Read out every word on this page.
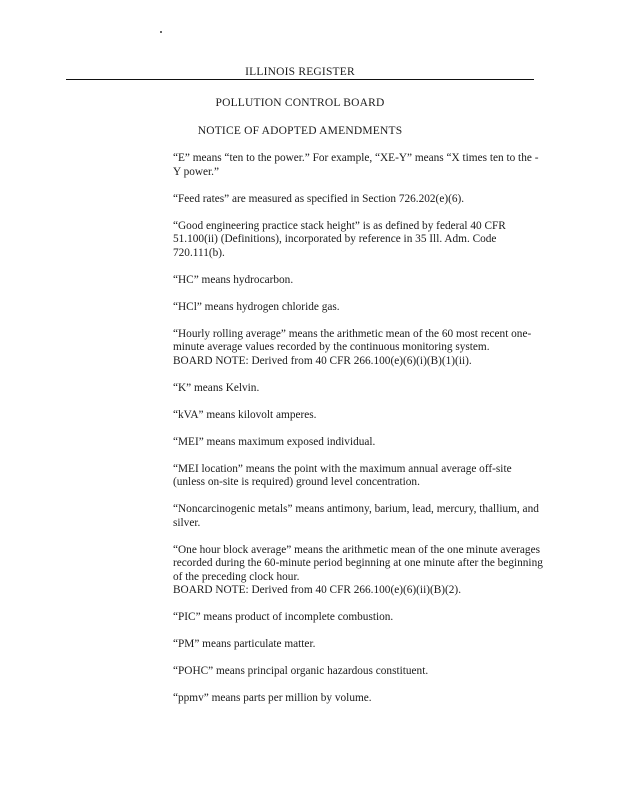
ILLINOIS REGISTER
POLLUTION CONTROL BOARD
NOTICE OF ADOPTED AMENDMENTS

“E” means “ten to the power.” For example, “XE-Y” means “X times ten to the -Y power.”

“Feed rates” are measured as specified in Section 726.202(e)(6).

“Good engineering practice stack height” is as defined by federal 40 CFR 51.100(ii) (Definitions), incorporated by reference in 35 Ill. Adm. Code 720.111(b).

“HC” means hydrocarbon.

“HCl” means hydrogen chloride gas.

“Hourly rolling average” means the arithmetic mean of the 60 most recent one-minute average values recorded by the continuous monitoring system.
BOARD NOTE: Derived from 40 CFR 266.100(e)(6)(i)(B)(1)(ii).

“K” means Kelvin.

“kVA” means kilovolt amperes.

“MEI” means maximum exposed individual.

“MEI location” means the point with the maximum annual average off-site (unless on-site is required) ground level concentration.

“Noncarcinogenic metals” means antimony, barium, lead, mercury, thallium, and silver.

“One hour block average” means the arithmetic mean of the one minute averages recorded during the 60-minute period beginning at one minute after the beginning of the preceding clock hour.
BOARD NOTE: Derived from 40 CFR 266.100(e)(6)(ii)(B)(2).

“PIC” means product of incomplete combustion.

“PM” means particulate matter.

“POHC” means principal organic hazardous constituent.

“ppmv” means parts per million by volume.
